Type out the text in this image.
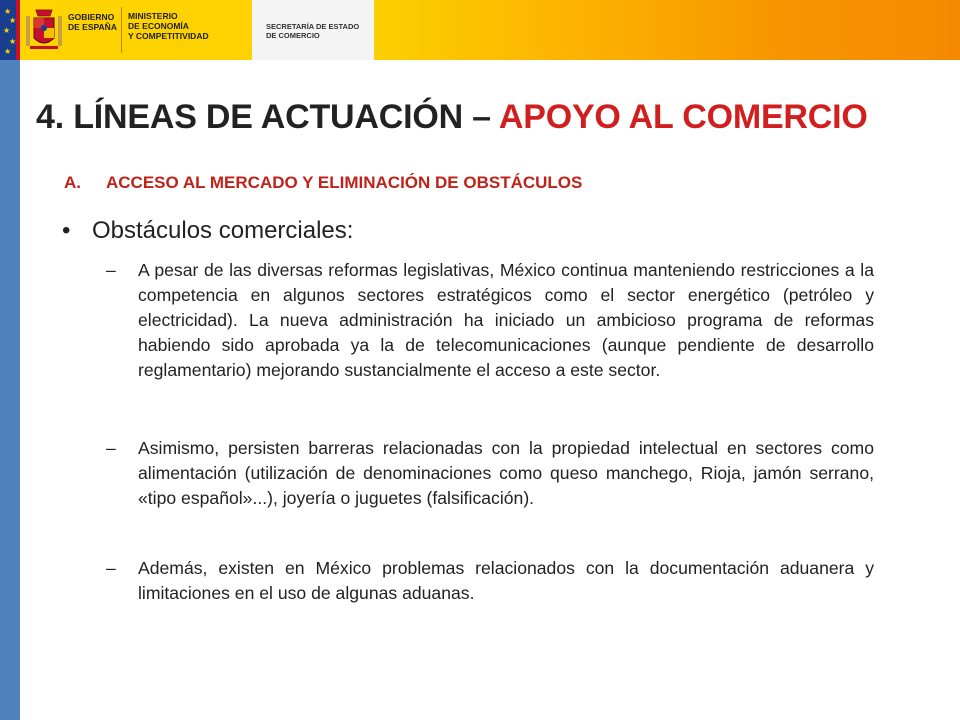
★
★
★
★
★
GOBIERNO
DE ESPAÑA
MINISTERIO
DE ECONOMÍA
Y COMPETITIVIDAD
SECRETARÍA DE ESTADO
DE COMERCIO
4. LÍNEAS DE ACTUACIÓN – APOYO AL COMERCIO
A. ACCESO AL MERCADO Y ELIMINACIÓN DE OBSTÁCULOS
• Obstáculos comerciales:
– A pesar de las diversas reformas legislativas, México continua manteniendo restricciones a la competencia en algunos sectores estratégicos como el sector energético (petróleo y electricidad). La nueva administración ha iniciado un ambicioso programa de reformas habiendo sido aprobada ya la de telecomunicaciones (aunque pendiente de desarrollo reglamentario) mejorando sustancialmente el acceso a este sector.
– Asimismo, persisten barreras relacionadas con la propiedad intelectual en sectores como alimentación (utilización de denominaciones como queso manchego, Rioja, jamón serrano, «tipo español»...), joyería o juguetes (falsificación).
– Además, existen en México problemas relacionados con la documentación aduanera y limitaciones en el uso de algunas aduanas.
